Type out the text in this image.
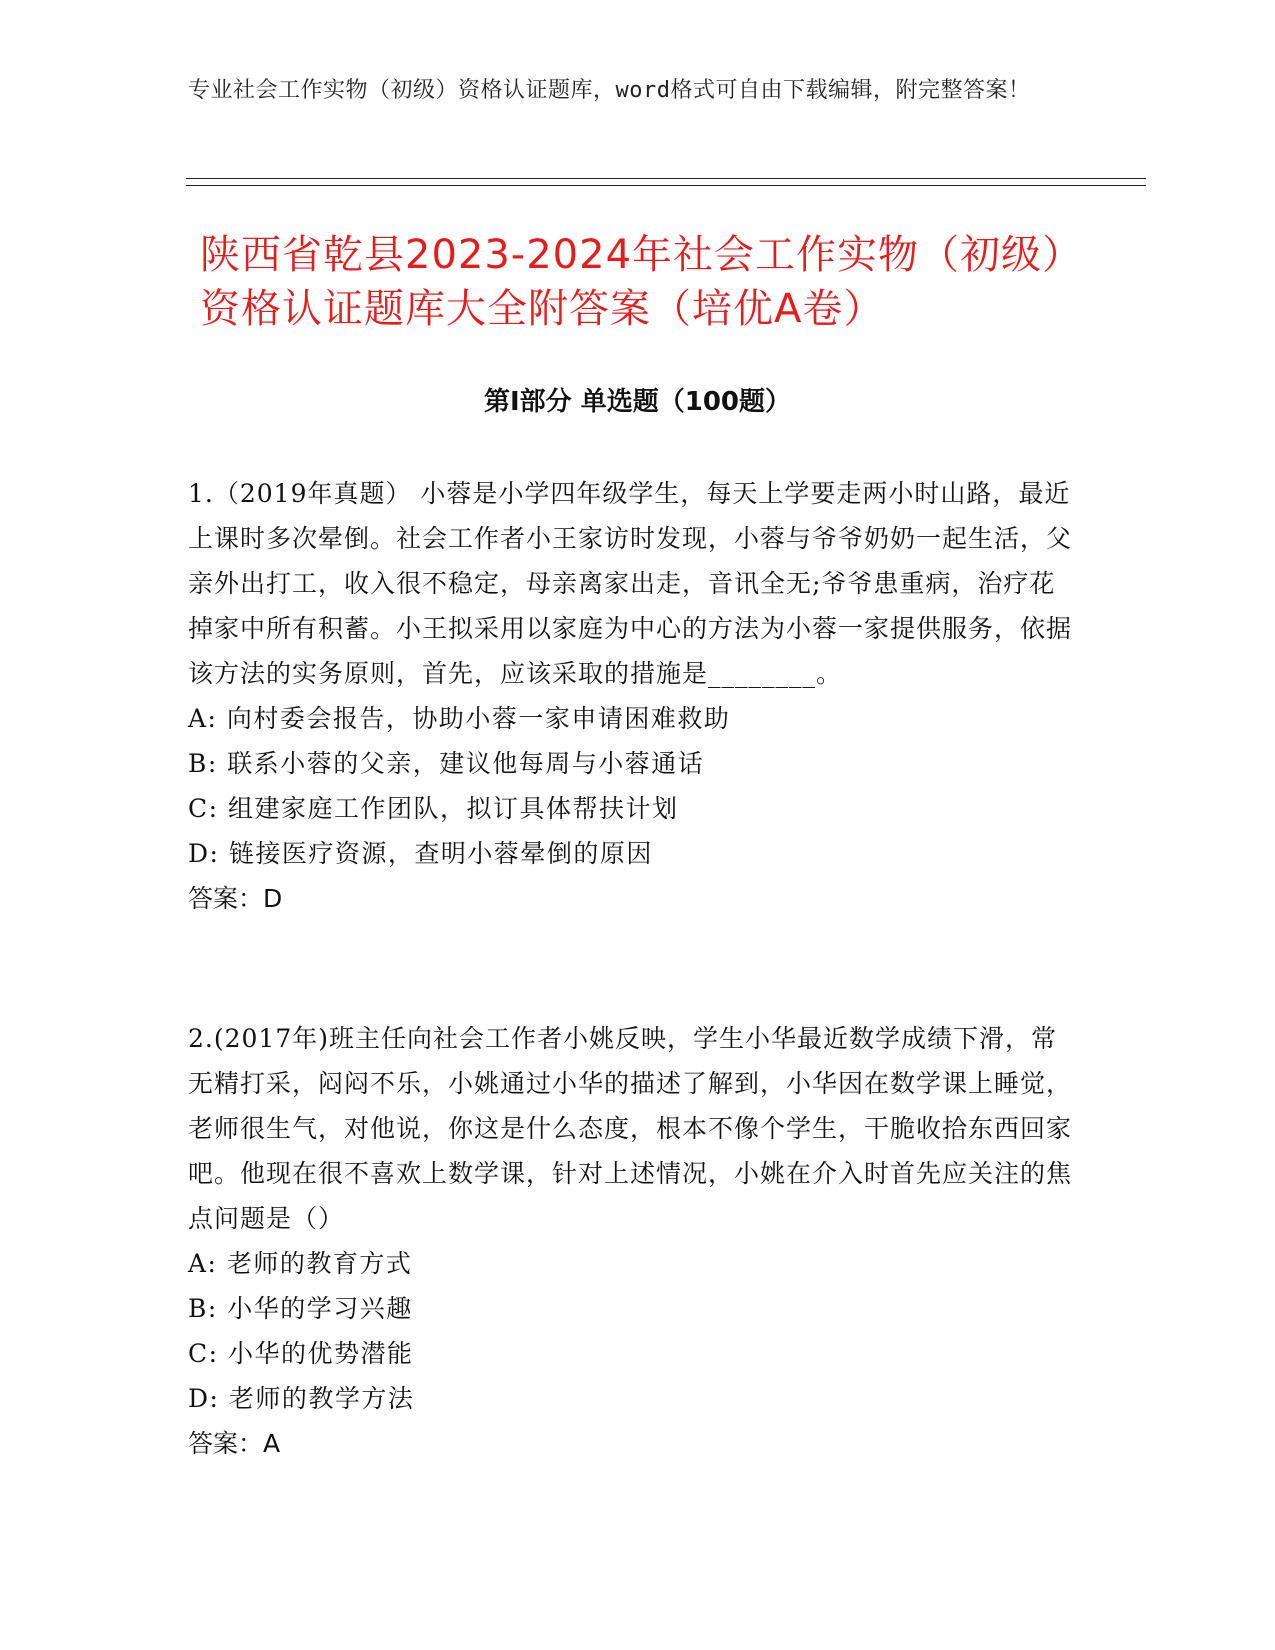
专业社会工作实物（初级）资格认证题库，word格式可自由下载编辑，附完整答案！
陕西省乾县2023-2024年社会工作实物（初级）资格认证题库大全附答案（培优A卷）
第I部分 单选题（100题）

1.（2019年真题） 小蓉是小学四年级学生，每天上学要走两小时山路，最近上课时多次晕倒。社会工作者小王家访时发现，小蓉与爷爷奶奶一起生活，父亲外出打工，收入很不稳定，母亲离家出走，音讯全无;爷爷患重病，治疗花掉家中所有积蓄。小王拟采用以家庭为中心的方法为小蓉一家提供服务，依据该方法的实务原则，首先，应该采取的措施是________。

A: 向村委会报告，协助小蓉一家申请困难救助

B: 联系小蓉的父亲，建议他每周与小蓉通话

C: 组建家庭工作团队，拟订具体帮扶计划

D: 链接医疗资源，查明小蓉晕倒的原因

答案：D

2.(2017年)班主任向社会工作者小姚反映，学生小华最近数学成绩下滑，常无精打采，闷闷不乐，小姚通过小华的描述了解到，小华因在数学课上睡觉，老师很生气，对他说，你这是什么态度，根本不像个学生，干脆收拾东西回家吧。他现在很不喜欢上数学课，针对上述情况，小姚在介入时首先应关注的焦点问题是（）

A: 老师的教育方式

B: 小华的学习兴趣

C: 小华的优势潜能

D: 老师的教学方法

答案：A
